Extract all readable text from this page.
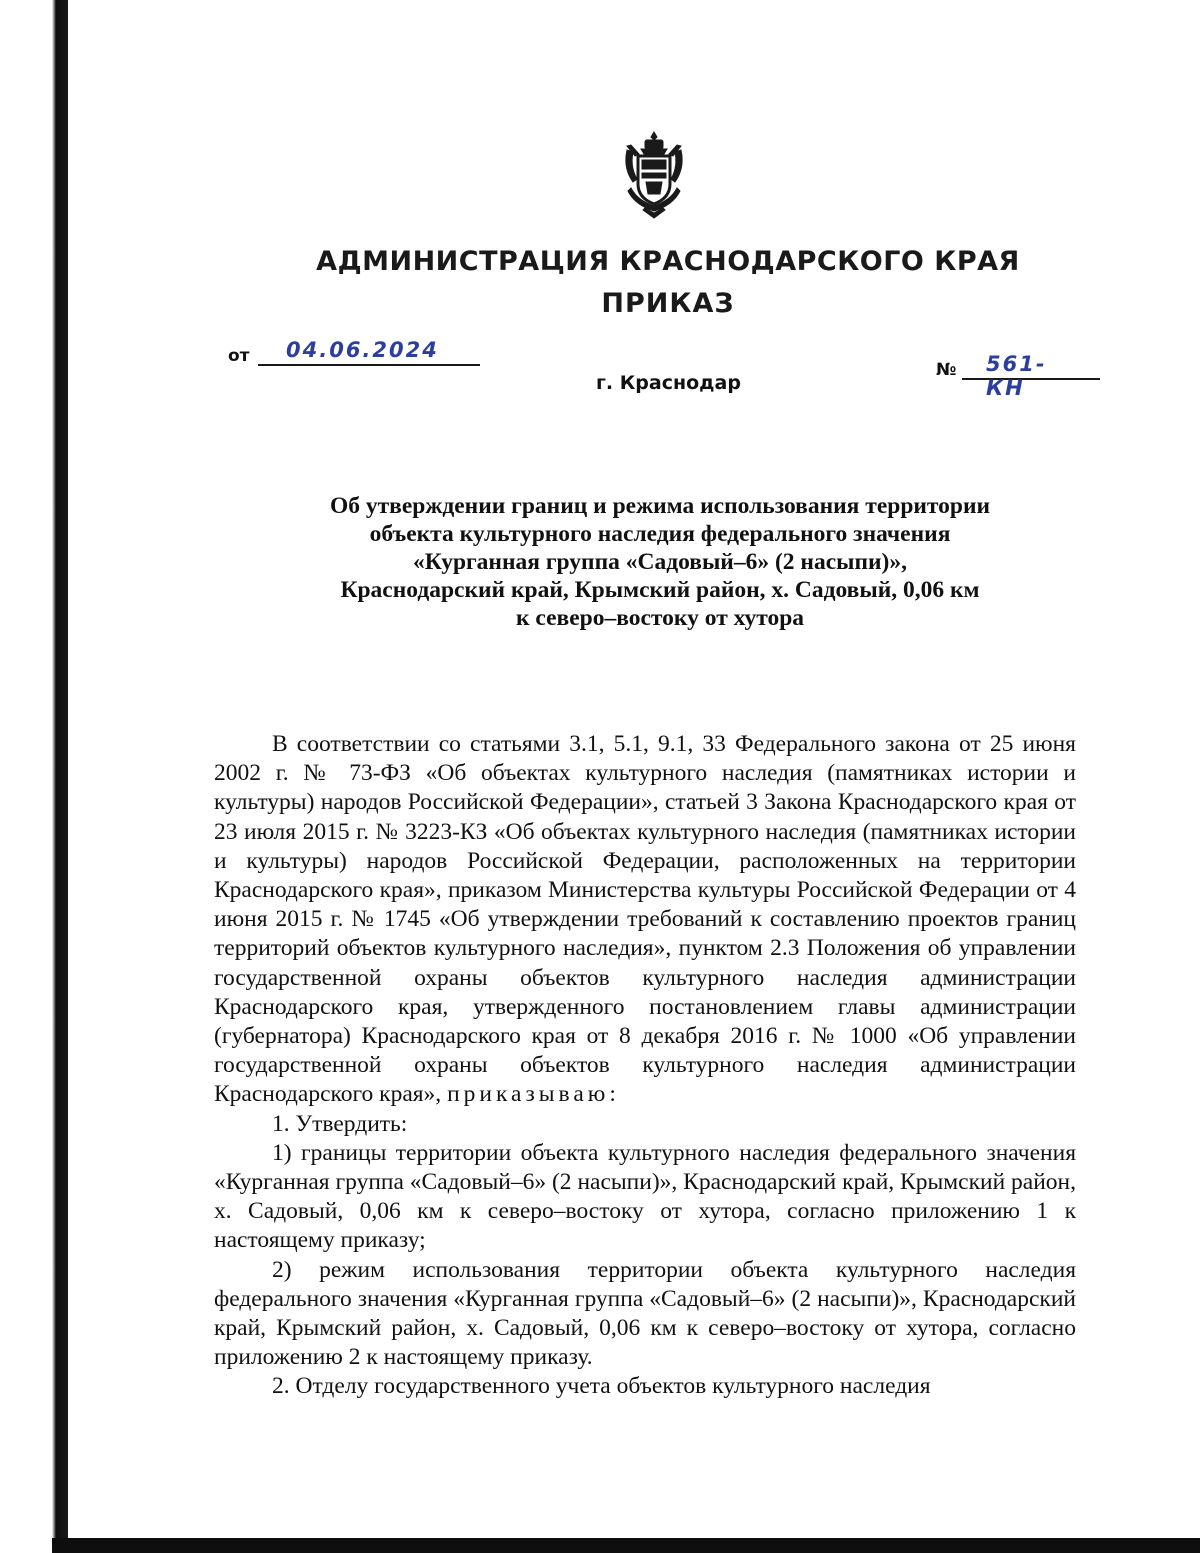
АДМИНИСТРАЦИЯ КРАСНОДАРСКОГО КРАЯ
ПРИКАЗ
от 04.06.2024
г. Краснодар
№ 561-КН
Об утверждении границ и режима использования территории
объекта культурного наследия федерального значения
«Курганная группа «Садовый–6» (2 насыпи)»,
Краснодарский край, Крымский район, х. Садовый, 0,06 км
к северо–востоку от хутора

В соответствии со статьями 3.1, 5.1, 9.1, 33 Федерального закона от 25 июня 2002 г. № 73-ФЗ «Об объектах культурного наследия (памятниках истории и культуры) народов Российской Федерации», статьей 3 Закона Краснодарского края от 23 июля 2015 г. № 3223-КЗ «Об объектах культурного наследия (памятниках истории и культуры) народов Российской Федерации, расположенных на территории Краснодарского края», приказом Министерства культуры Российской Федерации от 4 июня 2015 г. № 1745 «Об утверждении требований к составлению проектов границ территорий объектов культурного наследия», пунктом 2.3 Положения об управлении государственной охраны объектов культурного наследия администрации Краснодарского края, утвержденного постановлением главы администрации (губернатора) Краснодарского края от 8 декабря 2016 г. № 1000 «Об управлении государственной охраны объектов культурного наследия администрации Краснодарского края», приказываю:

1. Утвердить:

1) границы территории объекта культурного наследия федерального значения «Курганная группа «Садовый–6» (2 насыпи)», Краснодарский край, Крымский район, х. Садовый, 0,06 км к северо–востоку от хутора, согласно приложению 1 к настоящему приказу;

2) режим использования территории объекта культурного наследия федерального значения «Курганная группа «Садовый–6» (2 насыпи)», Краснодарский край, Крымский район, х. Садовый, 0,06 км к северо–востоку от хутора, согласно приложению 2 к настоящему приказу.

2. Отделу государственного учета объектов культурного наследия
